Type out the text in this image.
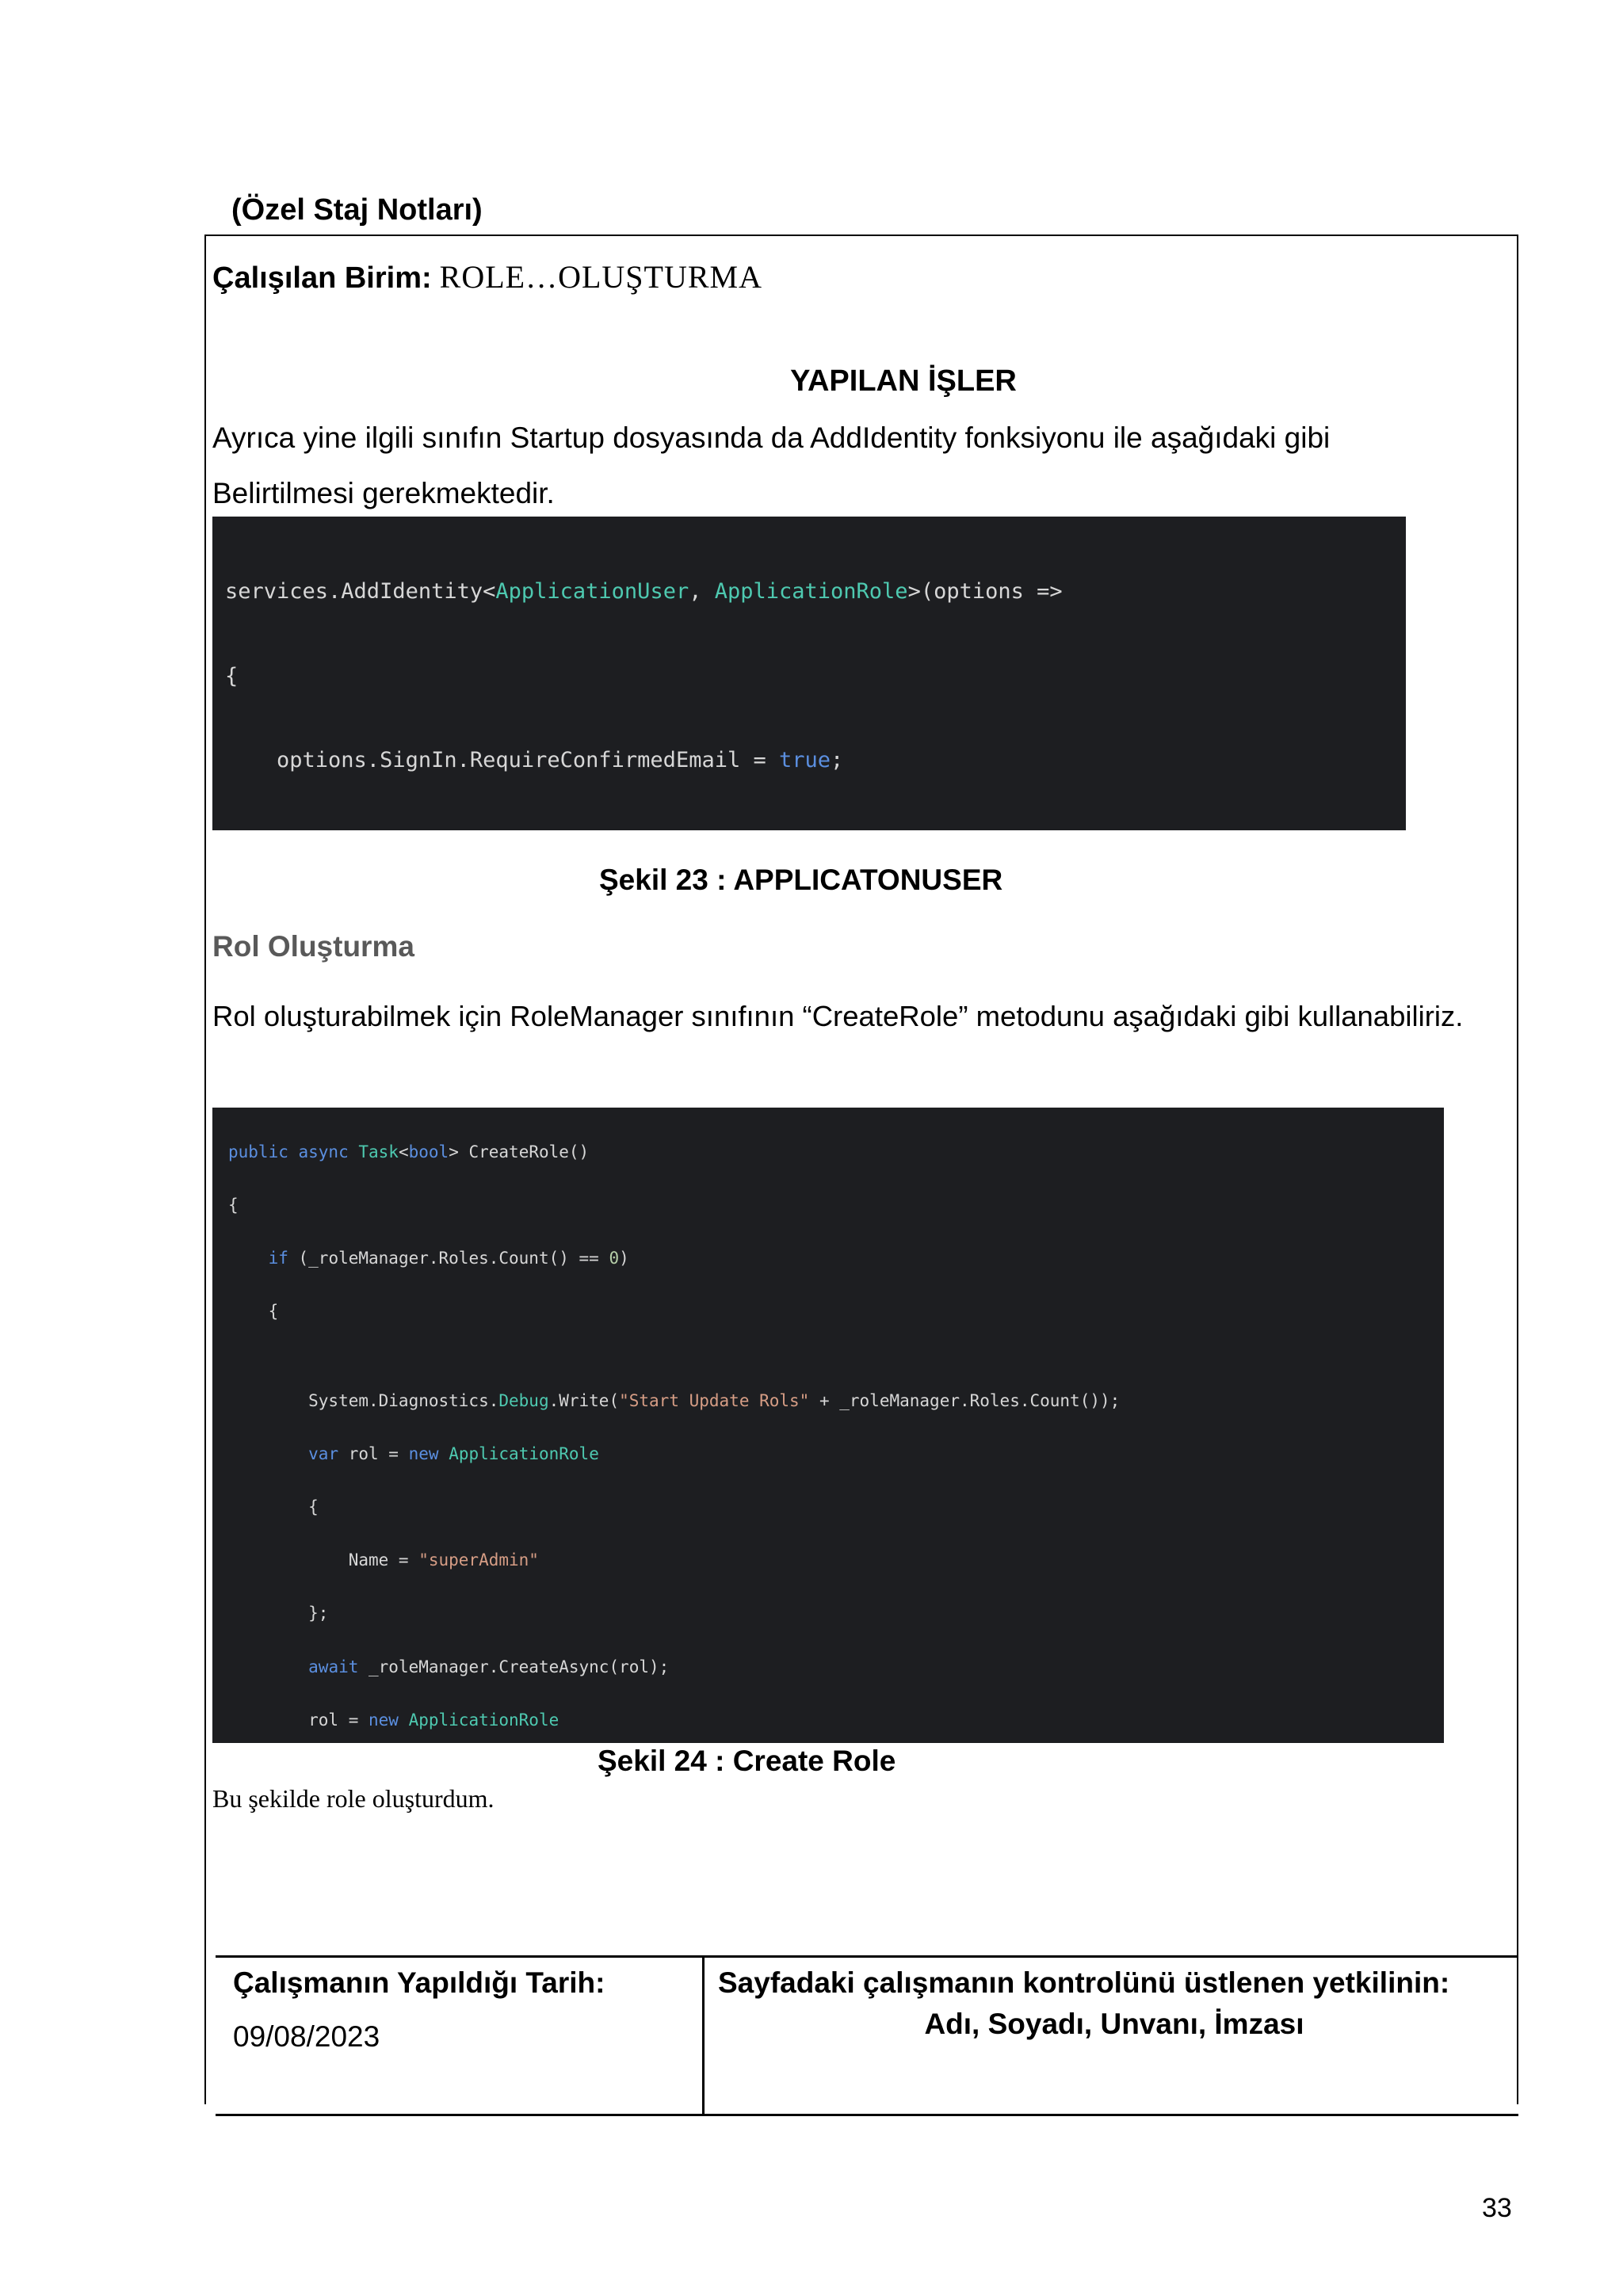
(Özel Staj Notları)
Çalışılan Birim: ROLE…OLUŞTURMA
YAPILAN İŞLER
Ayrıca yine ilgili sınıfın Startup dosyasında da AddIdentity fonksiyonu ile aşağıdaki gibi
Belirtilmesi gerekmektedir.

services.AddIdentity<ApplicationUser, ApplicationRole>(options =>

{

options.SignIn.RequireConfirmedEmail = true;

Şekil 23 : APPLICATONUSER
Rol Oluşturma
Rol oluşturabilmek için RoleManager sınıfının “CreateRole” metodunu aşağıdaki gibi kullanabiliriz.

public async Task<bool> CreateRole()

{

if (_roleManager.Roles.Count() == 0)

{

System.Diagnostics.Debug.Write("Start Update Rols" + _roleManager.Roles.Count());

var rol = new ApplicationRole

{

Name = "superAdmin"

};

await _roleManager.CreateAsync(rol);

rol = new ApplicationRole

Şekil 24 : Create Role
Bu şekilde role oluşturdum.
Çalışmanın Yapıldığı Tarih:
09/08/2023
Sayfadaki çalışmanın kontrolünü üstlenen yetkilinin:
Adı, Soyadı, Unvanı, İmzası
33
